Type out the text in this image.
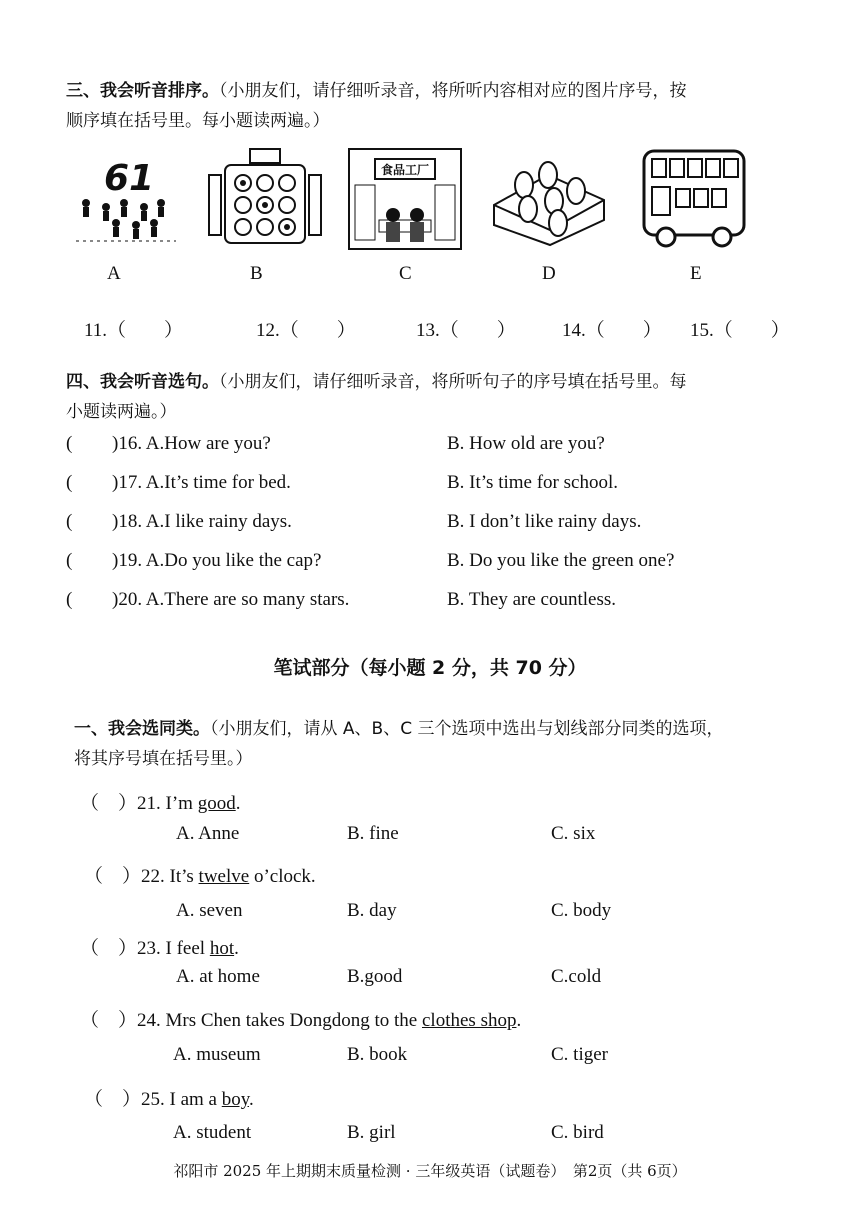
三、我会听音排序。（小朋友们，请仔细听录音，将所听内容相对应的图片序号，按
顺序填在括号里。每小题读两遍。）
61	食品工厂
A	B	C	D	E
11.（　　）	12.（　　）	13.（　　） 14.（　　） 15.（　　）
四、我会听音选句。（小朋友们，请仔细听录音，将所听句子的序号填在括号里。每
小题读两遍。）
( )16. A.How are you?	B. How old are you?
( )17. A.It’s time for bed.	B. It’s time for school.
( )18. A.I like rainy days.	B. I don’t like rainy days.
( )19. A.Do you like the cap?	B. Do you like the green one?
( )20. A.There are so many stars.	B. They are countless.
笔试部分（每小题 2 分，共 70 分）
一、我会选同类。（小朋友们，请从 A、B、C 三个选项中选出与划线部分同类的选项，
将其序号填在括号里。）
（　）21. I’m good.
A. Anne	B. fine	C. six
（　）22. It’s twelve o’clock.
A. seven	B. day	C. body
（　）23. I feel hot.
A. at home	B.good	C.cold
（　）24. Mrs Chen takes Dongdong to the clothes shop.
A. museum	B. book	C. tiger
（　）25. I am a boy.
A. student	B. girl	C. bird
祁阳市 2025 年上期期末质量检测 · 三年级英语（试题卷）　第2页（共 6页）
